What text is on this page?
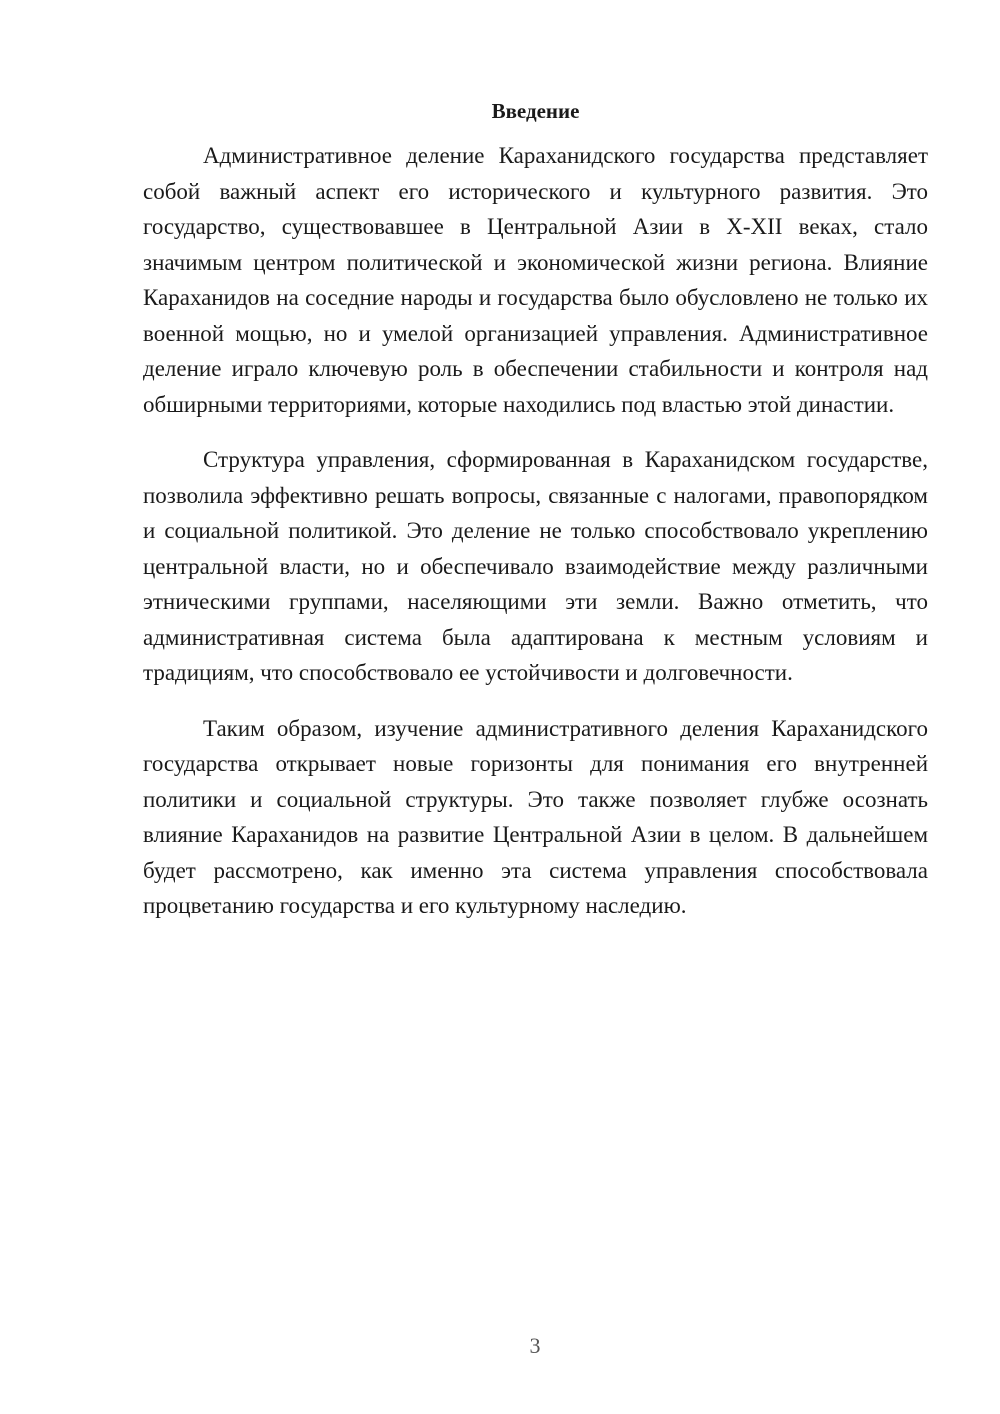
Введение

Административное деление Караханидского государства представляет собой важный аспект его исторического и культурного развития. Это государство, существовавшее в Центральной Азии в X-XII веках, стало значимым центром политической и экономической жизни региона. Влияние Караханидов на соседние народы и государства было обусловлено не только их военной мощью, но и умелой организацией управления. Административное деление играло ключевую роль в обеспечении стабильности и контроля над обширными территориями, которые находились под властью этой династии.

Структура управления, сформированная в Караханидском государстве, позволила эффективно решать вопросы, связанные с налогами, правопорядком и социальной политикой. Это деление не только способствовало укреплению центральной власти, но и обеспечивало взаимодействие между различными этническими группами, населяющими эти земли. Важно отметить, что административная система была адаптирована к местным условиям и традициям, что способствовало ее устойчивости и долговечности.

Таким образом, изучение административного деления Караханидского государства открывает новые горизонты для понимания его внутренней политики и социальной структуры. Это также позволяет глубже осознать влияние Караханидов на развитие Центральной Азии в целом. В дальнейшем будет рассмотрено, как именно эта система управления способствовала процветанию государства и его культурному наследию.

3
